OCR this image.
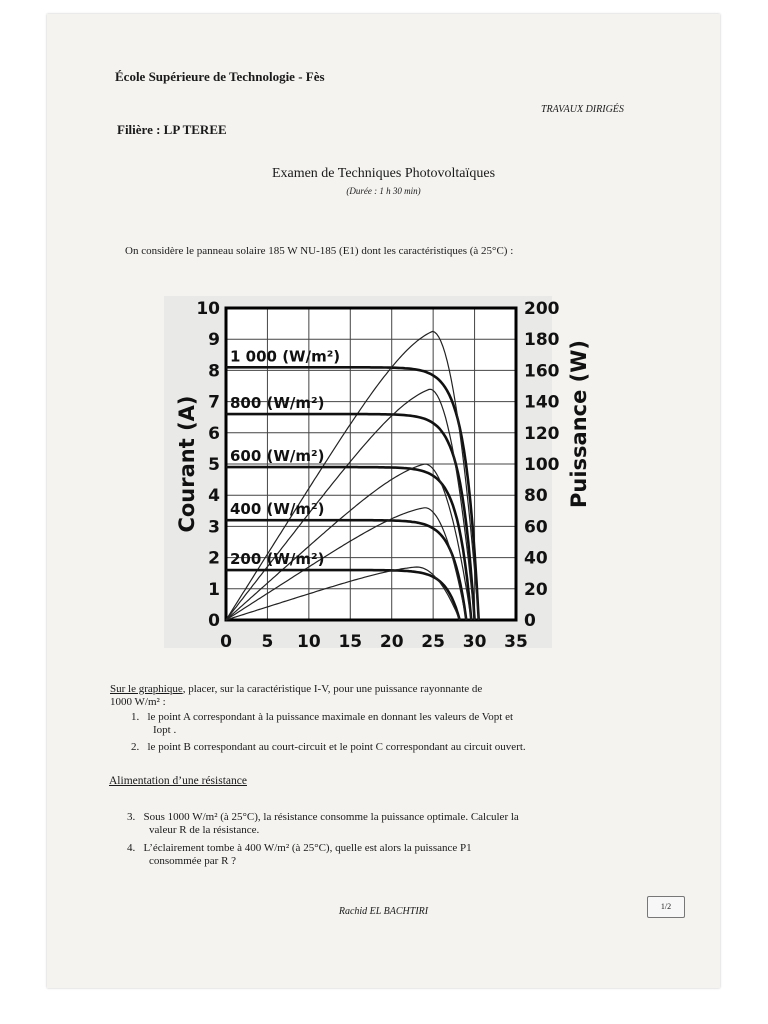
École Supérieure de Technologie - Fès
TRAVAUX DIRIGÉS
Filière : LP TEREE
Examen de Techniques Photovoltaïques
(Durée : 1 h 30 min)
On considère le panneau solaire 185 W NU-185 (E1) dont les caractéristiques (à 25°C) :
0
1
2
3
4
5
6
7
8
9
10
0
20
40
60
80
100
120
140
160
180
200
0 5 10 15 20 25 30 35
Courant (A)	Puissance (W)
1 000 (W/m²)
800 (W/m²)
600 (W/m²)
400 (W/m²)
200 (W/m²)
Sur le graphique, placer, sur la caractéristique I-V, pour une puissance rayonnante de
1000 W/m² :
1. le point A correspondant à la puissance maximale en donnant les valeurs de Vopt et
Iopt .
2. le point B correspondant au court-circuit et le point C correspondant au circuit ouvert.
Alimentation d’une résistance
3. Sous 1000 W/m² (à 25°C), la résistance consomme la puissance optimale. Calculer la
valeur R de la résistance.
4. L’éclairement tombe à 400 W/m² (à 25°C), quelle est alors la puissance P1
consommée par R ?
Rachid EL BACHTIRI	1/2
